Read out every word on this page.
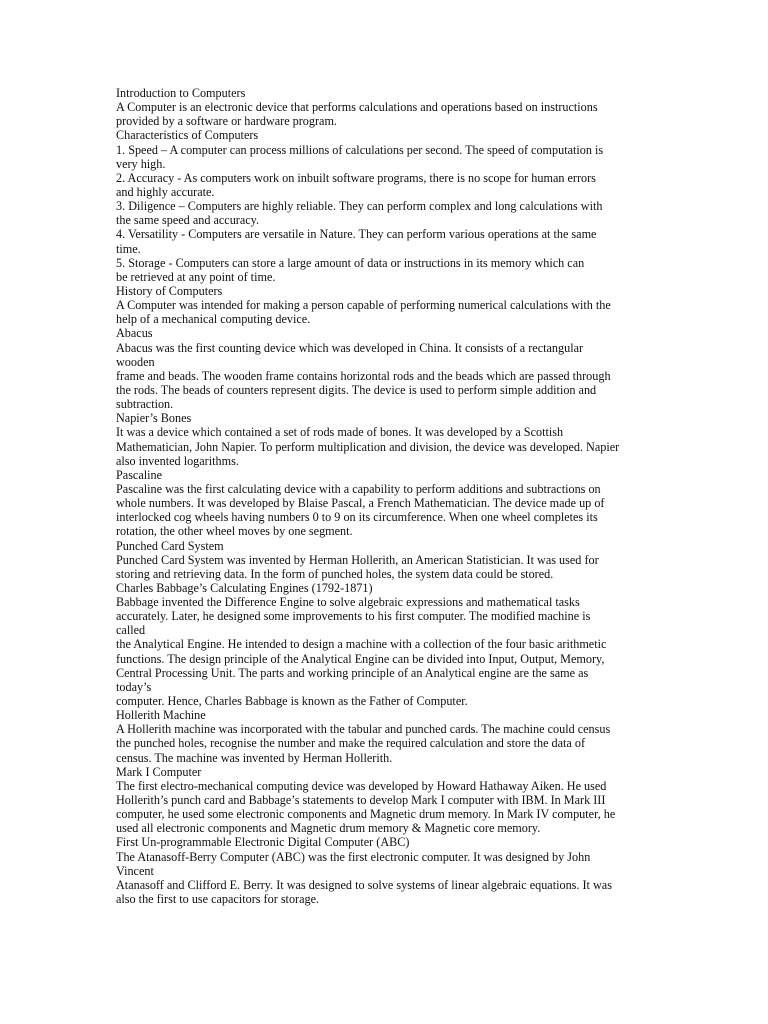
Introduction to Computers
A Computer is an electronic device that performs calculations and operations based on instructions
provided by a software or hardware program.
Characteristics of Computers
1. Speed – A computer can process millions of calculations per second. The speed of computation is
very high.
2. Accuracy - As computers work on inbuilt software programs, there is no scope for human errors
and highly accurate.
3. Diligence – Computers are highly reliable. They can perform complex and long calculations with
the same speed and accuracy.
4. Versatility - Computers are versatile in Nature. They can perform various operations at the same
time.
5. Storage - Computers can store a large amount of data or instructions in its memory which can
be retrieved at any point of time.
History of Computers
A Computer was intended for making a person capable of performing numerical calculations with the
help of a mechanical computing device.
Abacus
Abacus was the first counting device which was developed in China. It consists of a rectangular
wooden
frame and beads. The wooden frame contains horizontal rods and the beads which are passed through
the rods. The beads of counters represent digits. The device is used to perform simple addition and
subtraction.
Napier’s Bones
It was a device which contained a set of rods made of bones. It was developed by a Scottish
Mathematician, John Napier. To perform multiplication and division, the device was developed. Napier
also invented logarithms.
Pascaline
Pascaline was the first calculating device with a capability to perform additions and subtractions on
whole numbers. It was developed by Blaise Pascal, a French Mathematician. The device made up of
interlocked cog wheels having numbers 0 to 9 on its circumference. When one wheel completes its
rotation, the other wheel moves by one segment.
Punched Card System
Punched Card System was invented by Herman Hollerith, an American Statistician. It was used for
storing and retrieving data. In the form of punched holes, the system data could be stored.
Charles Babbage’s Calculating Engines (1792-1871)
Babbage invented the Difference Engine to solve algebraic expressions and mathematical tasks
accurately. Later, he designed some improvements to his first computer. The modified machine is
called
the Analytical Engine. He intended to design a machine with a collection of the four basic arithmetic
functions. The design principle of the Analytical Engine can be divided into Input, Output, Memory,
Central Processing Unit. The parts and working principle of an Analytical engine are the same as
today’s
computer. Hence, Charles Babbage is known as the Father of Computer.
Hollerith Machine
A Hollerith machine was incorporated with the tabular and punched cards. The machine could census
the punched holes, recognise the number and make the required calculation and store the data of
census. The machine was invented by Herman Hollerith.
Mark I Computer
The first electro-mechanical computing device was developed by Howard Hathaway Aiken. He used
Hollerith’s punch card and Babbage’s statements to develop Mark I computer with IBM. In Mark III
computer, he used some electronic components and Magnetic drum memory. In Mark IV computer, he
used all electronic components and Magnetic drum memory & Magnetic core memory.
First Un-programmable Electronic Digital Computer (ABC)
The Atanasoff-Berry Computer (ABC) was the first electronic computer. It was designed by John
Vincent
Atanasoff and Clifford E. Berry. It was designed to solve systems of linear algebraic equations. It was
also the first to use capacitors for storage.
